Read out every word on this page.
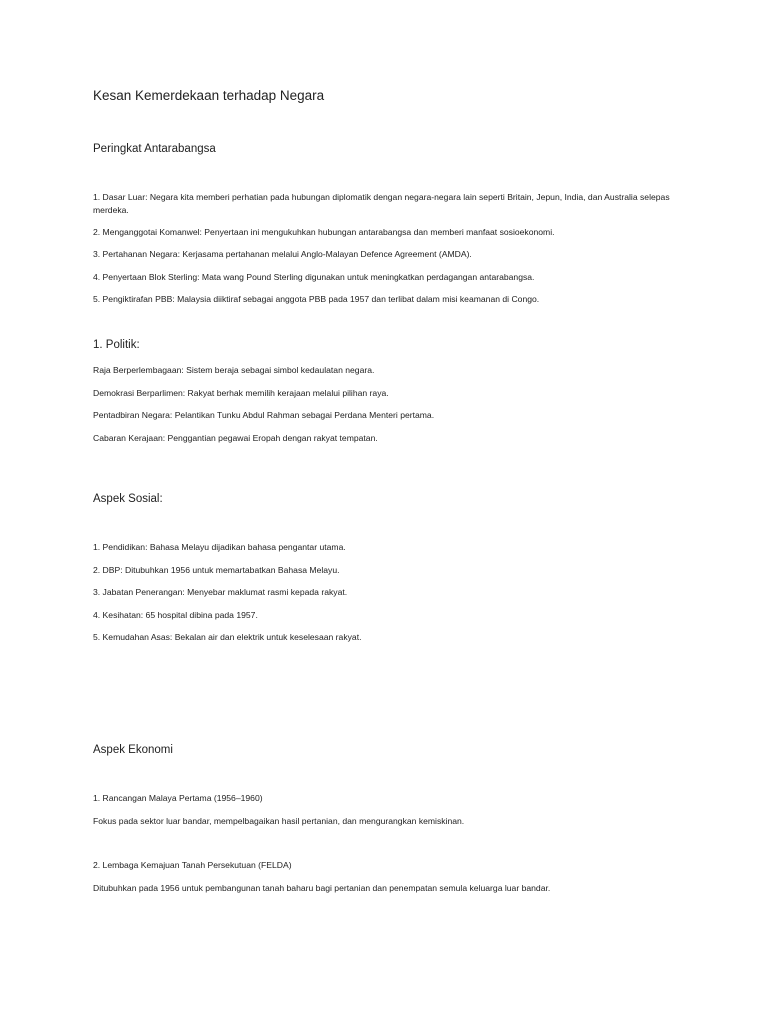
Kesan Kemerdekaan terhadap Negara
Peringkat Antarabangsa

1. Dasar Luar: Negara kita memberi perhatian pada hubungan diplomatik dengan negara-negara lain seperti Britain, Jepun, India, dan Australia selepas merdeka.

2. Menganggotai Komanwel: Penyertaan ini mengukuhkan hubungan antarabangsa dan memberi manfaat sosioekonomi.

3. Pertahanan Negara: Kerjasama pertahanan melalui Anglo-Malayan Defence Agreement (AMDA).

4. Penyertaan Blok Sterling: Mata wang Pound Sterling digunakan untuk meningkatkan perdagangan antarabangsa.

5. Pengiktirafan PBB: Malaysia diiktiraf sebagai anggota PBB pada 1957 dan terlibat dalam misi keamanan di Congo.

1. Politik:

Raja Berperlembagaan: Sistem beraja sebagai simbol kedaulatan negara.

Demokrasi Berparlimen: Rakyat berhak memilih kerajaan melalui pilihan raya.

Pentadbiran Negara: Pelantikan Tunku Abdul Rahman sebagai Perdana Menteri pertama.

Cabaran Kerajaan: Penggantian pegawai Eropah dengan rakyat tempatan.

Aspek Sosial:

1. Pendidikan: Bahasa Melayu dijadikan bahasa pengantar utama.

2. DBP: Ditubuhkan 1956 untuk memartabatkan Bahasa Melayu.

3. Jabatan Penerangan: Menyebar maklumat rasmi kepada rakyat.

4. Kesihatan: 65 hospital dibina pada 1957.

5. Kemudahan Asas: Bekalan air dan elektrik untuk keselesaan rakyat.

Aspek Ekonomi

1. Rancangan Malaya Pertama (1956–1960)

Fokus pada sektor luar bandar, mempelbagaikan hasil pertanian, dan mengurangkan kemiskinan.

2. Lembaga Kemajuan Tanah Persekutuan (FELDA)

Ditubuhkan pada 1956 untuk pembangunan tanah baharu bagi pertanian dan penempatan semula keluarga luar bandar.
